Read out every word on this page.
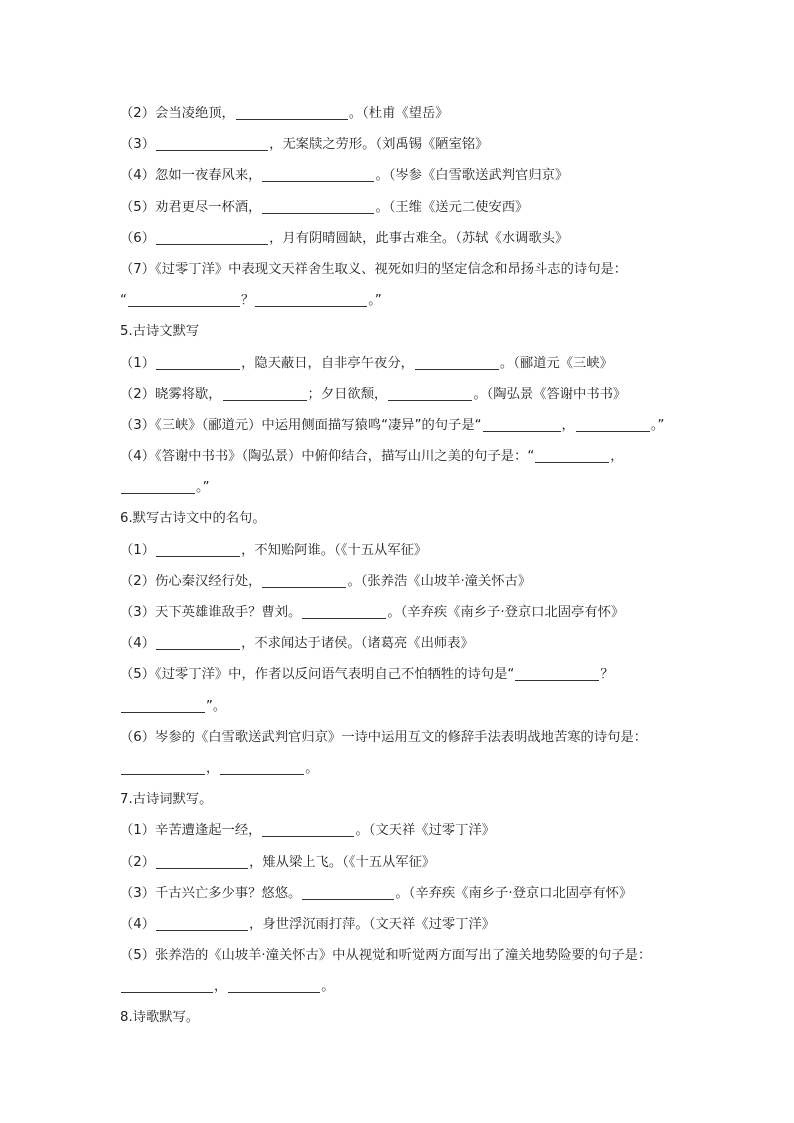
（2）会当凌绝顶，	。（杜甫《望岳》
（3）	，无案牍之劳形。（刘禹锡《陋室铭》
（4）忽如一夜春风来，	。（岑参《白雪歌送武判官归京》
（5）劝君更尽一杯酒，	。（王维《送元二使安西》
（6）	，月有阴晴圆缺，此事古难全。（苏轼《水调歌头》
（7）《过零丁洋》中表现文天祥舍生取义、视死如归的坚定信念和昂扬斗志的诗句是：
“	？	。”
5.古诗文默写
（1）	，隐天蔽日，自非亭午夜分，	。（郦道元《三峡》
（2）晓雾将歇，	；夕日欲颓，	。（陶弘景《答谢中书书》
（3）《三峡》（郦道元）中运用侧面描写猿鸣“凄异”的句子是“	，	。”
（4）《答谢中书书》（陶弘景）中俯仰结合，描写山川之美的句子是：“	，
。”
6.默写古诗文中的名句。
（1）	，不知贻阿谁。（《十五从军征》
（2）伤心秦汉经行处，	。（张养浩《山坡羊·潼关怀古》
（3）天下英雄谁敌手？曹刘。	。（辛弃疾《南乡子·登京口北固亭有怀》
（4）	，不求闻达于诸侯。（诸葛亮《出师表》
（5）《过零丁洋》中，作者以反问语气表明自己不怕牺牲的诗句是“	？
”。
（6）岑参的《白雪歌送武判官归京》一诗中运用互文的修辞手法表明战地苦寒的诗句是：
，	。
7.古诗词默写。
（1）辛苦遭逢起一经，	。（文天祥《过零丁洋》
（2）	，雉从梁上飞。（《十五从军征》
（3）千古兴亡多少事？悠悠。	。（辛弃疾《南乡子·登京口北固亭有怀》
（4）	，身世浮沉雨打萍。（文天祥《过零丁洋》
（5）张养浩的《山坡羊·潼关怀古》中从视觉和听觉两方面写出了潼关地势险要的句子是：
，	。
8.诗歌默写。
